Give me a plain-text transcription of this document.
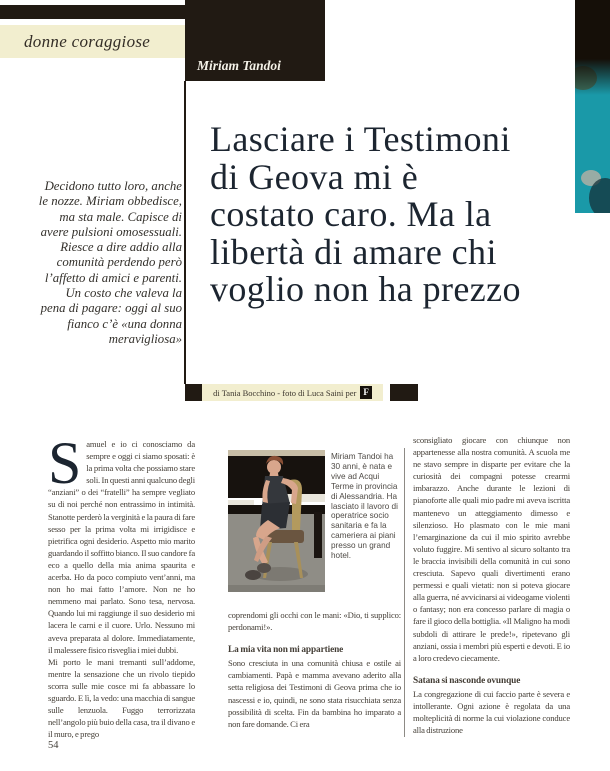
donne coraggiose
Miriam Tandoi
Lasciare i Testimoni
di Geova mi è
costato caro. Ma la
libertà di amare chi
voglio non ha prezzo
Decidono tutto loro, anche le nozze. Miriam obbedisce, ma sta male. Capisce di avere pulsioni omosessuali. Riesce a dire addio alla comunità perdendo però l’affetto di amici e parenti. Un costo che valeva la pena di pagare: oggi al suo fianco c’è «una donna meravigliosa»
di Tania Bocchino - foto di Luca Saini per F

Samuel e io ci conosciamo da sempre e oggi ci siamo sposati: è la prima volta che possiamo stare soli. In questi anni qualcuno degli “anziani” o dei “fratelli” ha sempre vegliato su di noi perché non entrassimo in intimità. Stanotte perderò la verginità e la paura di fare sesso per la prima volta mi irrigidisce e pietrifica ogni desiderio. Aspetto mio marito guardando il soffitto bianco. Il suo candore fa eco a quello della mia anima spaurita e acerba. Ho da poco compiuto vent’anni, ma non ho mai fatto l’amore. Non ne ho nemmeno mai parlato. Sono tesa, nervosa. Quando lui mi raggiunge il suo desiderio mi lacera le carni e il cuore. Urlo. Nessuno mi aveva preparata al dolore. Immediatamente, il malessere fisico risveglia i miei dubbi.

Mi porto le mani tremanti sull’addome, mentre la sensazione che un rivolo tiepido scorra sulle mie cosce mi fa abbassare lo sguardo. E lì, la vedo: una macchia di sangue sulle lenzuola. Fuggo terrorizzata nell’angolo più buio della casa, tra il divano e il muro, e prego

Miriam Tandoi ha 30 anni, è nata e vive ad Acqui Terme in provincia di Alessandria. Ha lasciato il lavoro di operatrice socio sanitaria e fa la cameriera ai piani presso un grand hotel.

coprendomi gli occhi con le mani: «Dio, ti supplico: perdonami!».

La mia vita non mi appartiene

Sono cresciuta in una comunità chiusa e ostile ai cambiamenti. Papà e mamma avevano aderito alla setta religiosa dei Testimoni di Geova prima che io nascessi e io, quindi, ne sono stata risucchiata senza possibilità di scelta. Fin da bambina ho imparato a non fare domande. Ci era

sconsigliato giocare con chiunque non appartenesse alla nostra comunità. A scuola me ne stavo sempre in disparte per evitare che la curiosità dei compagni potesse crearmi imbarazzo. Anche durante le lezioni di pianoforte alle quali mio padre mi aveva iscritta mantenevo un atteggiamento dimesso e silenzioso. Ho plasmato con le mie mani l’emarginazione da cui il mio spirito avrebbe voluto fuggire. Mi sentivo al sicuro soltanto tra le braccia invisibili della comunità in cui sono cresciuta. Sapevo quali divertimenti erano permessi e quali vietati: non si poteva giocare alla guerra, né avvicinarsi ai videogame violenti o fantasy; non era concesso parlare di magia o fare il gioco della bottiglia. «Il Maligno ha modi subdoli di attirare le prede!», ripetevano gli anziani, ossia i membri più esperti e devoti. E io a loro credevo ciecamente.

Satana si nasconde ovunque

La congregazione di cui faccio parte è severa e intollerante. Ogni azione è regolata da una molteplicità di norme la cui violazione conduce alla distruzione

54
